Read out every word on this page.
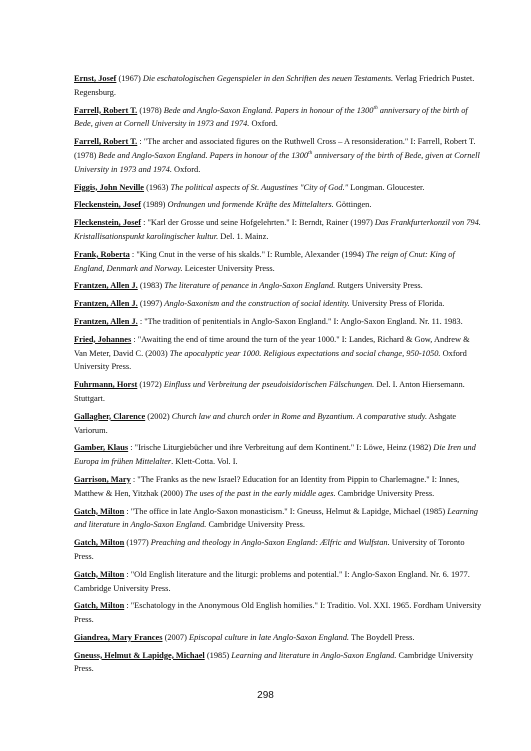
Ernst, Josef (1967) Die eschatologischen Gegenspieler in den Schriften des neuen Testaments. Verlag Friedrich Pustet. Regensburg.

Farrell, Robert T. (1978) Bede and Anglo-Saxon England. Papers in honour of the 1300th anniversary of the birth of Bede, given at Cornell University in 1973 and 1974. Oxford.

Farrell, Robert T. : "The archer and associated figures on the Ruthwell Cross – A resonsideration." I: Farrell, Robert T. (1978) Bede and Anglo-Saxon England. Papers in honour of the 1300th anniversary of the birth of Bede, given at Cornell University in 1973 and 1974. Oxford.

Figgis, John Neville (1963) The political aspects of St. Augustines "City of God." Longman. Gloucester.

Fleckenstein, Josef (1989) Ordnungen und formende Kräfte des Mittelalters. Göttingen.

Fleckenstein, Josef : "Karl der Grosse und seine Hofgelehrten." I: Berndt, Rainer (1997) Das Frankfurterkonzil von 794. Kristallisationspunkt karolingischer kultur. Del. 1. Mainz.

Frank, Roberta : "King Cnut in the verse of his skalds." I: Rumble, Alexander (1994) The reign of Cnut: King of England, Denmark and Norway. Leicester University Press.

Frantzen, Allen J. (1983) The literature of penance in Anglo-Saxon England. Rutgers University Press.

Frantzen, Allen J. (1997) Anglo-Saxonism and the construction of social identity. University Press of Florida.

Frantzen, Allen J. : "The tradition of penitentials in Anglo-Saxon England." I: Anglo-Saxon England. Nr. 11. 1983.

Fried, Johannes : "Awaiting the end of time around the turn of the year 1000." I: Landes, Richard & Gow, Andrew & Van Meter, David C. (2003) The apocalyptic year 1000. Religious expectations and social change, 950-1050. Oxford University Press.

Fuhrmann, Horst (1972) Einfluss und Verbreitung der pseudoisidorischen Fälschungen. Del. I. Anton Hiersemann. Stuttgart.

Gallagher, Clarence (2002) Church law and church order in Rome and Byzantium. A comparative study. Ashgate Variorum.

Gamber, Klaus : "Irische Liturgiebücher und ihre Verbreitung auf dem Kontinent." I: Löwe, Heinz (1982) Die Iren und Europa im frühen Mittelalter. Klett-Cotta. Vol. I.

Garrison, Mary : "The Franks as the new Israel? Education for an Identity from Pippin to Charlemagne." I: Innes, Matthew & Hen, Yitzhak (2000) The uses of the past in the early middle ages. Cambridge University Press.

Gatch, Milton : "The office in late Anglo-Saxon monasticism." I: Gneuss, Helmut & Lapidge, Michael (1985) Learning and literature in Anglo-Saxon England. Cambridge University Press.

Gatch, Milton (1977) Preaching and theology in Anglo-Saxon England: Ælfric and Wulfstan. University of Toronto Press.

Gatch, Milton : "Old English literature and the liturgi: problems and potential." I: Anglo-Saxon England. Nr. 6. 1977. Cambridge University Press.

Gatch, Milton : "Eschatology in the Anonymous Old English homilies." I: Traditio. Vol. XXI. 1965. Fordham University Press.

Giandrea, Mary Frances (2007) Episcopal culture in late Anglo-Saxon England. The Boydell Press.

Gneuss, Helmut & Lapidge, Michael (1985) Learning and literature in Anglo-Saxon England. Cambridge University Press.

298
